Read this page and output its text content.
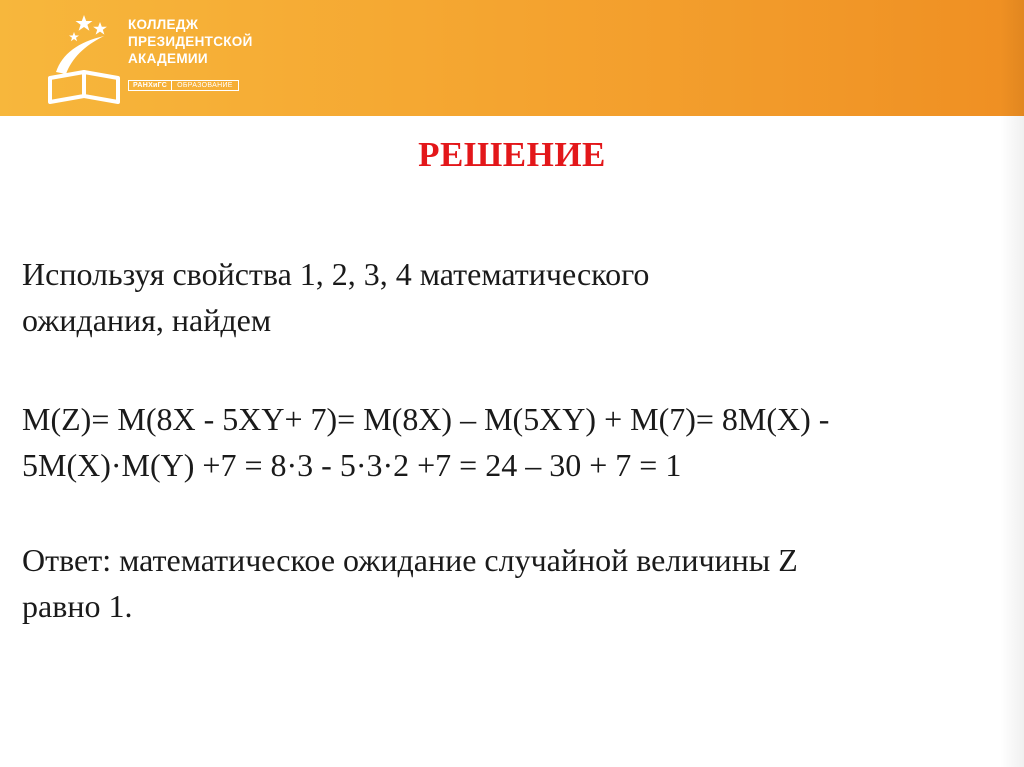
КОЛЛЕДЖ
ПРЕЗИДЕНТСКОЙ
АКАДЕМИИ
РАНХиГС	ОБРАЗОВАНИЕ
РЕШЕНИЕ
Используя свойства 1, 2, 3, 4 математического
ожидания, найдем
M(Z)= M(8X - 5XY+ 7)= M(8X) – M(5XY) + M(7)= 8M(X) -
5M(X)·M(Y) +7 = 8·3 - 5·3·2 +7 = 24 – 30 + 7 = 1
Ответ: математическое ожидание случайной величины Z
равно 1.
